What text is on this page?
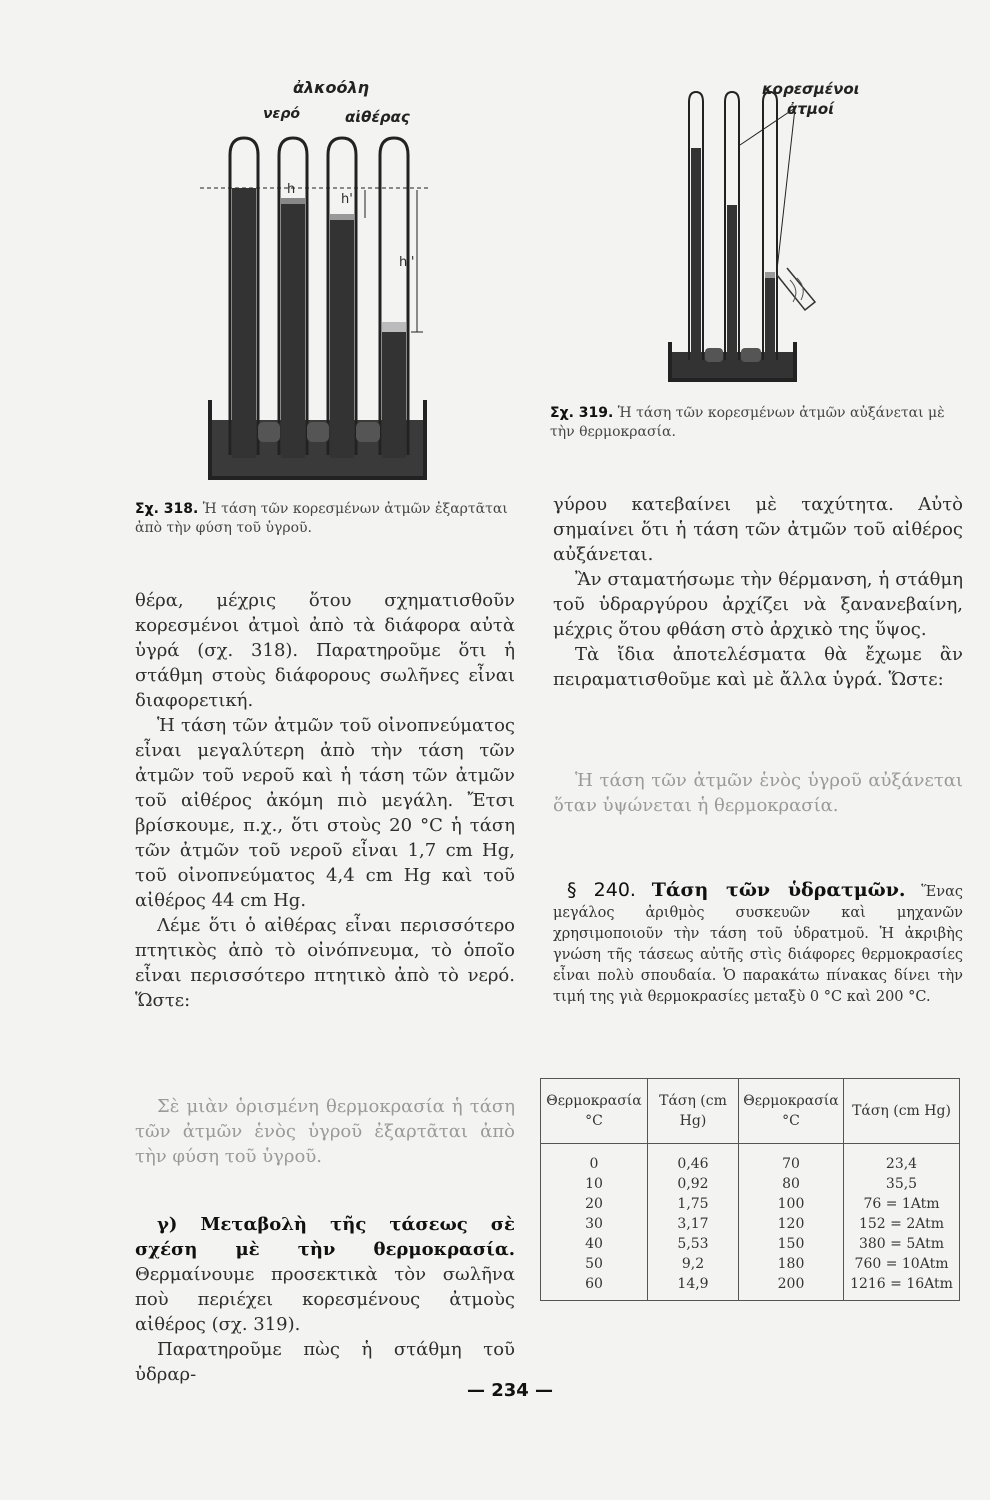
ἀλκοόλη
νερό	αἰθέρας
h
h'
h''
Σχ. 318. Ἡ τάση τῶν κορεσμένων ἀτμῶν ἐξαρτᾶται ἀπὸ τὴν φύση τοῦ ὑγροῦ.
κορεσμένοι
ἀτμοί
Σχ. 319. Ἡ τάση τῶν κορεσμένων ἀτμῶν αὐξάνεται μὲ τὴν θερμοκρασία.

θέρα, μέχρις ὅτου σχηματισθοῦν κορεσμένοι ἀτμοὶ ἀπὸ τὰ διάφορα αὐτὰ ὑγρά (σχ. 318). Παρατηροῦμε ὅτι ἡ στάθμη στοὺς διάφορους σωλῆνες εἶναι διαφορετική.

Ἡ τάση τῶν ἀτμῶν τοῦ οἰνοπνεύματος εἶναι μεγαλύτερη ἀπὸ τὴν τάση τῶν ἀτμῶν τοῦ νεροῦ καὶ ἡ τάση τῶν ἀτμῶν τοῦ αἰθέρος ἀκόμη πιὸ μεγάλη. Ἔτσι βρίσκουμε, π.χ., ὅτι στοὺς 20 °C ἡ τάση τῶν ἀτμῶν τοῦ νεροῦ εἶναι 1,7 cm Hg, τοῦ οἰνοπνεύματος 4,4 cm Hg καὶ τοῦ αἰθέρος 44 cm Hg.

Λέμε ὅτι ὁ αἰθέρας εἶναι περισσότερο πτητικὸς ἀπὸ τὸ οἰνόπνευμα, τὸ ὁποῖο εἶναι περισσότερο πτητικὸ ἀπὸ τὸ νερό. Ὥστε:

Σὲ μιὰν ὁρισμένη θερμοκρασία ἡ τάση τῶν ἀτμῶν ἑνὸς ὑγροῦ ἐξαρτᾶται ἀπὸ τὴν φύση τοῦ ὑγροῦ.

γ) Μεταβολὴ τῆς τάσεως σὲ σχέση μὲ τὴν θερμοκρασία. Θερμαίνουμε προσεκτικὰ τὸν σωλῆνα ποὺ περιέχει κορεσμένους ἀτμοὺς αἰθέρος (σχ. 319).

Παρατηροῦμε πὼς ἡ στάθμη τοῦ ὑδραρ-

γύρου κατεβαίνει μὲ ταχύτητα. Αὐτὸ σημαίνει ὅτι ἡ τάση τῶν ἀτμῶν τοῦ αἰθέρος αὐξάνεται.

Ἂν σταματήσωμε τὴν θέρμανση, ἡ στάθμη τοῦ ὑδραργύρου ἀρχίζει νὰ ξανανεβαίνη, μέχρις ὅτου φθάση στὸ ἀρχικὸ της ὕψος.

Τὰ ἴδια ἀποτελέσματα θὰ ἔχωμε ἂν πειραματισθοῦμε καὶ μὲ ἄλλα ὑγρά. Ὥστε:

Ἡ τάση τῶν ἀτμῶν ἑνὸς ὑγροῦ αὐξάνεται ὅταν ὑψώνεται ἡ θερμοκρασία.
§ 240. Τάση τῶν ὑδρατμῶν. Ἕνας μεγάλος ἀριθμὸς συσκευῶν καὶ μηχανῶν χρησιμοποιοῦν τὴν τάση τοῦ ὑδρατμοῦ. Ἡ ἀκριβὴς γνώση τῆς τάσεως αὐτῆς στὶς διάφορες θερμοκρασίες εἶναι πολὺ σπουδαία. Ὁ παρακάτω πίνακας δίνει τὴν τιμή της γιὰ θερμοκρασίες μεταξὺ 0 °C καὶ 200 °C.
Θερμοκρασία °C	Τάση (cm Hg)	Θερμοκρασία °C	Τάση (cm Hg)
0	0,46	70	23,4
10	0,92	80	35,5
20	1,75	100	76 = 1Atm
30	3,17	120	152 = 2Atm
40	5,53	150	380 = 5Atm
50	9,2	180	760 = 10Atm
60	14,9	200	1216 = 16Atm
— 234 —
